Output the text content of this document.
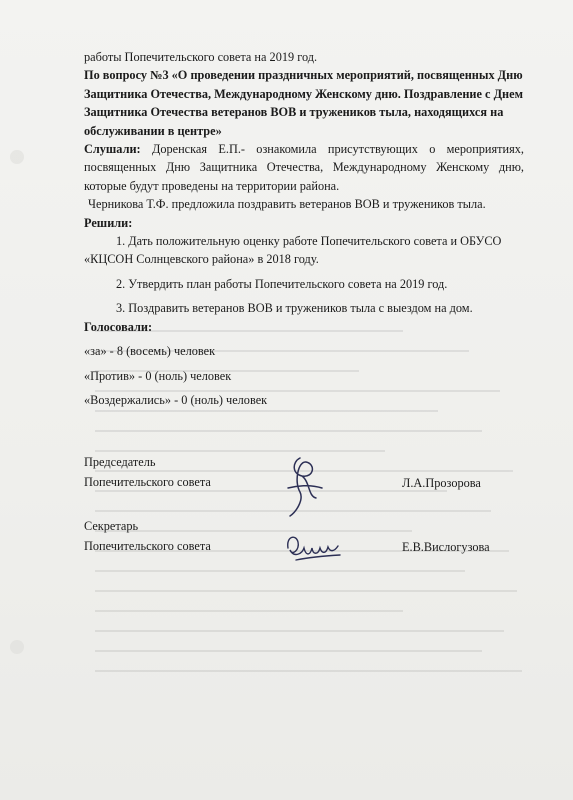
работы Попечительского совета на 2019 год.

По вопросу №3 «О проведении праздничных мероприятий, посвященных Дню Защитника Отечества, Международному Женскому дню. Поздравление с Днем Защитника Отечества ветеранов ВОВ и тружеников тыла, находящихся на обслуживании в центре»

Слушали: Доренская Е.П.- ознакомила присутствующих о мероприятиях, посвященных Дню Защитника Отечества, Международному Женскому дню, которые будут проведены на территории района.

Черникова Т.Ф. предложила поздравить ветеранов ВОВ и тружеников тыла.

Решили:

1. Дать положительную оценку работе Попечительского совета и ОБУСО «КЦСОН Солнцевского района» в 2018 году.

2. Утвердить план работы Попечительского совета на 2019 год.

3. Поздравить ветеранов ВОВ и тружеников тыла с выездом на дом.

Голосовали:

«за» - 8 (восемь) человек

«Против» - 0 (ноль) человек

«Воздержались» - 0 (ноль) человек

Председатель

Попечительского совета	Л.А.Прозорова

Секретарь

Попечительского совета	Е.В.Вислогузова
